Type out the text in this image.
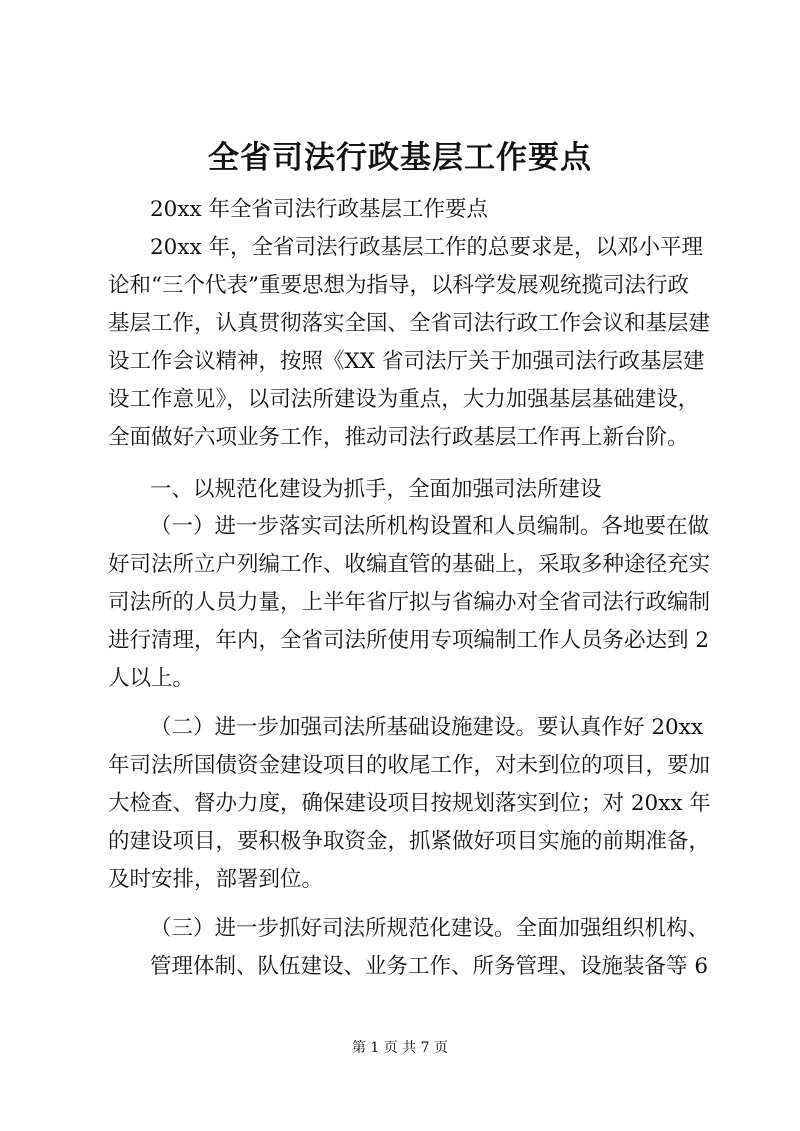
全省司法行政基层工作要点
20xx 年全省司法行政基层工作要点
20xx 年，全省司法行政基层工作的总要求是，以邓小平理
论和“三个代表”重要思想为指导，以科学发展观统揽司法行政
基层工作，认真贯彻落实全国、全省司法行政工作会议和基层建
设工作会议精神，按照《XX 省司法厅关于加强司法行政基层建
设工作意见》，以司法所建设为重点，大力加强基层基础建设，
全面做好六项业务工作，推动司法行政基层工作再上新台阶。
一、以规范化建设为抓手，全面加强司法所建设
（一）进一步落实司法所机构设置和人员编制。各地要在做
好司法所立户列编工作、收编直管的基础上，采取多种途径充实
司法所的人员力量，上半年省厅拟与省编办对全省司法行政编制
进行清理，年内，全省司法所使用专项编制工作人员务必达到 2
人以上。
（二）进一步加强司法所基础设施建设。要认真作好 20xx
年司法所国债资金建设项目的收尾工作，对未到位的项目，要加
大检查、督办力度，确保建设项目按规划落实到位；对 20xx 年
的建设项目，要积极争取资金，抓紧做好项目实施的前期准备，
及时安排，部署到位。
（三）进一步抓好司法所规范化建设。全面加强组织机构、
管理体制、队伍建设、业务工作、所务管理、设施装备等 6
第 1 页 共 7 页
